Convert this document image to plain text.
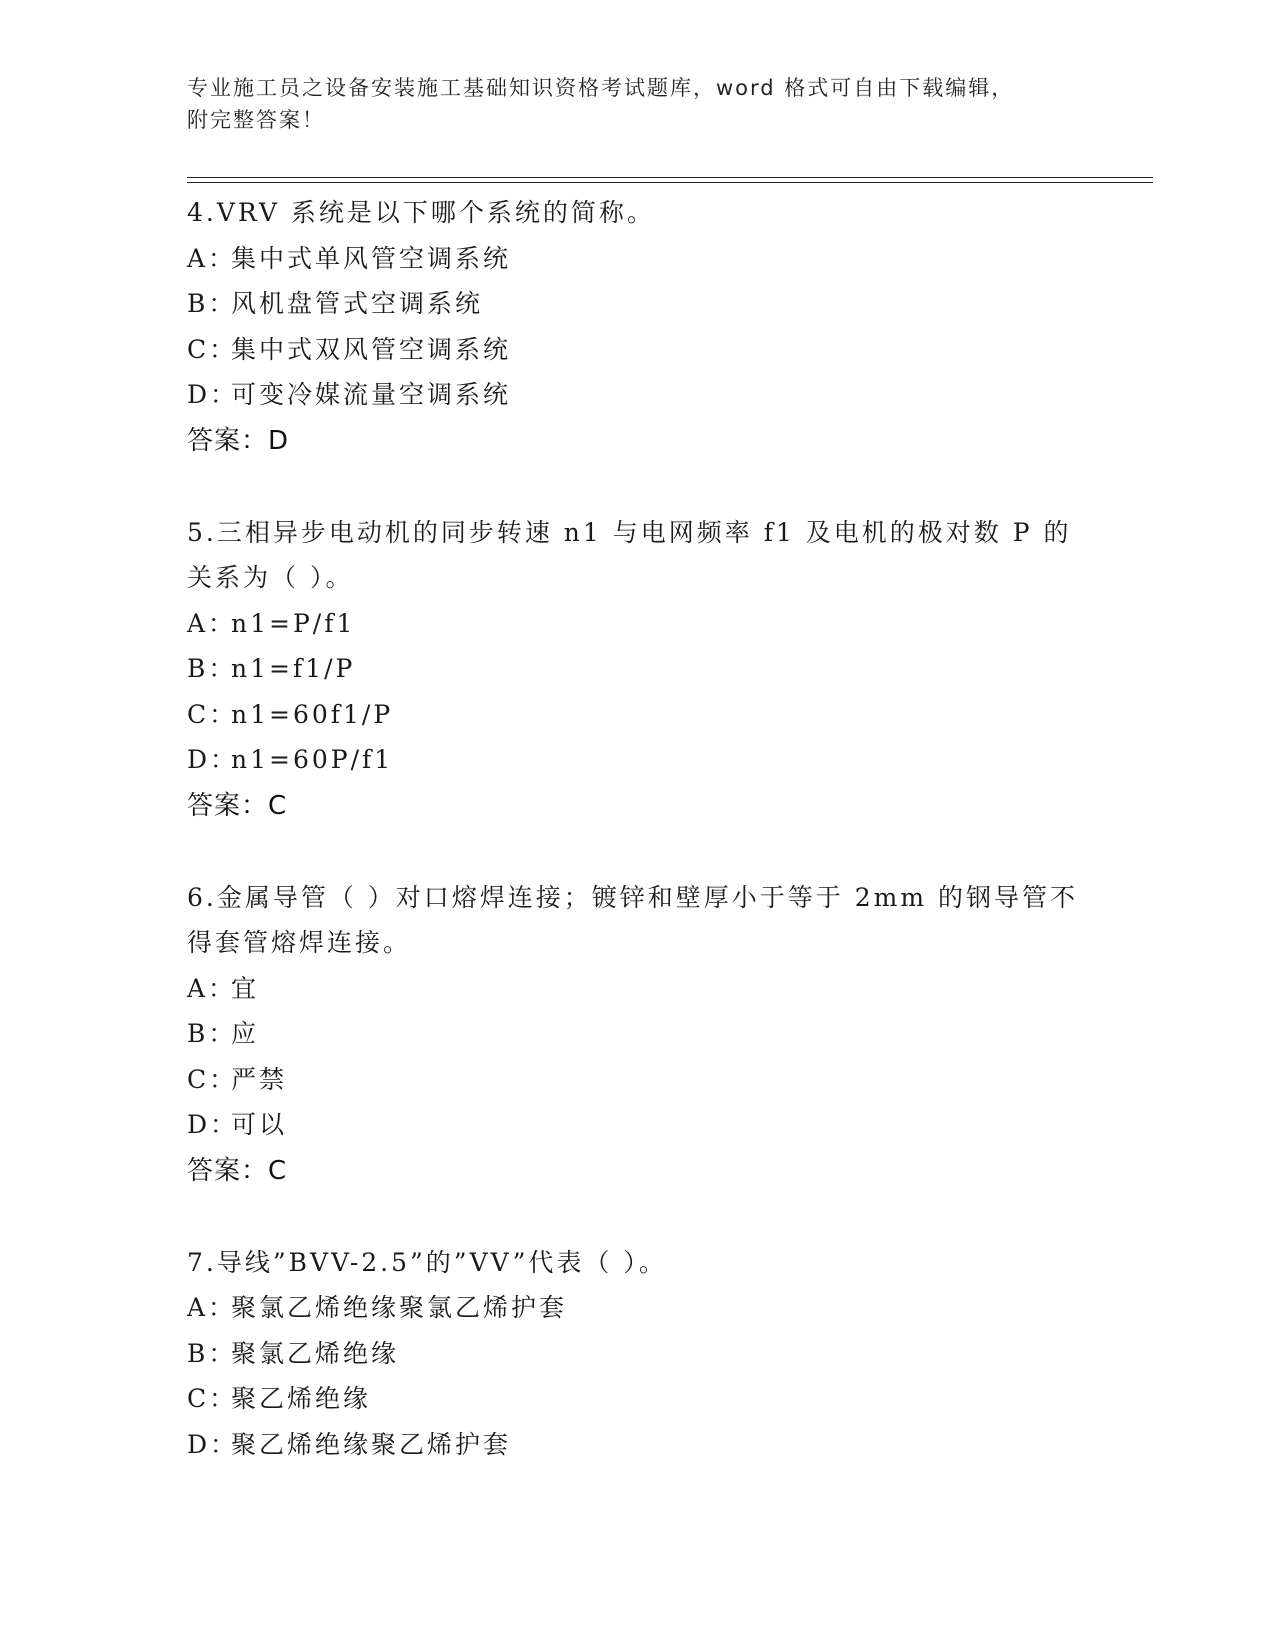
专业施工员之设备安装施工基础知识资格考试题库，word 格式可自由下载编辑，
附完整答案！
4.VRV 系统是以下哪个系统的简称。
A：
集中式单风管空调系统
B：
风机盘管式空调系统
C：
集中式双风管空调系统
D：
可变冷媒流量空调系统
答案：D
5.三相异步电动机的同步转速 n1 与电网频率 f1 及电机的极对数 P 的
关系为（ ）。
A：
n1=P/f1
B：
n1=f1/P
C：
n1=60f1/P
D：
n1=60P/f1
答案：C
6.金属导管（ ）对口熔焊连接；镀锌和壁厚小于等于 2mm 的钢导管不
得套管熔焊连接。
A：
宜
B：
应
C：
严禁
D：
可以
答案：C
7.导线”BVV-2.5”的”VV”代表（ ）。
A：
聚氯乙烯绝缘聚氯乙烯护套
B：
聚氯乙烯绝缘
C：
聚乙烯绝缘
D：
聚乙烯绝缘聚乙烯护套
